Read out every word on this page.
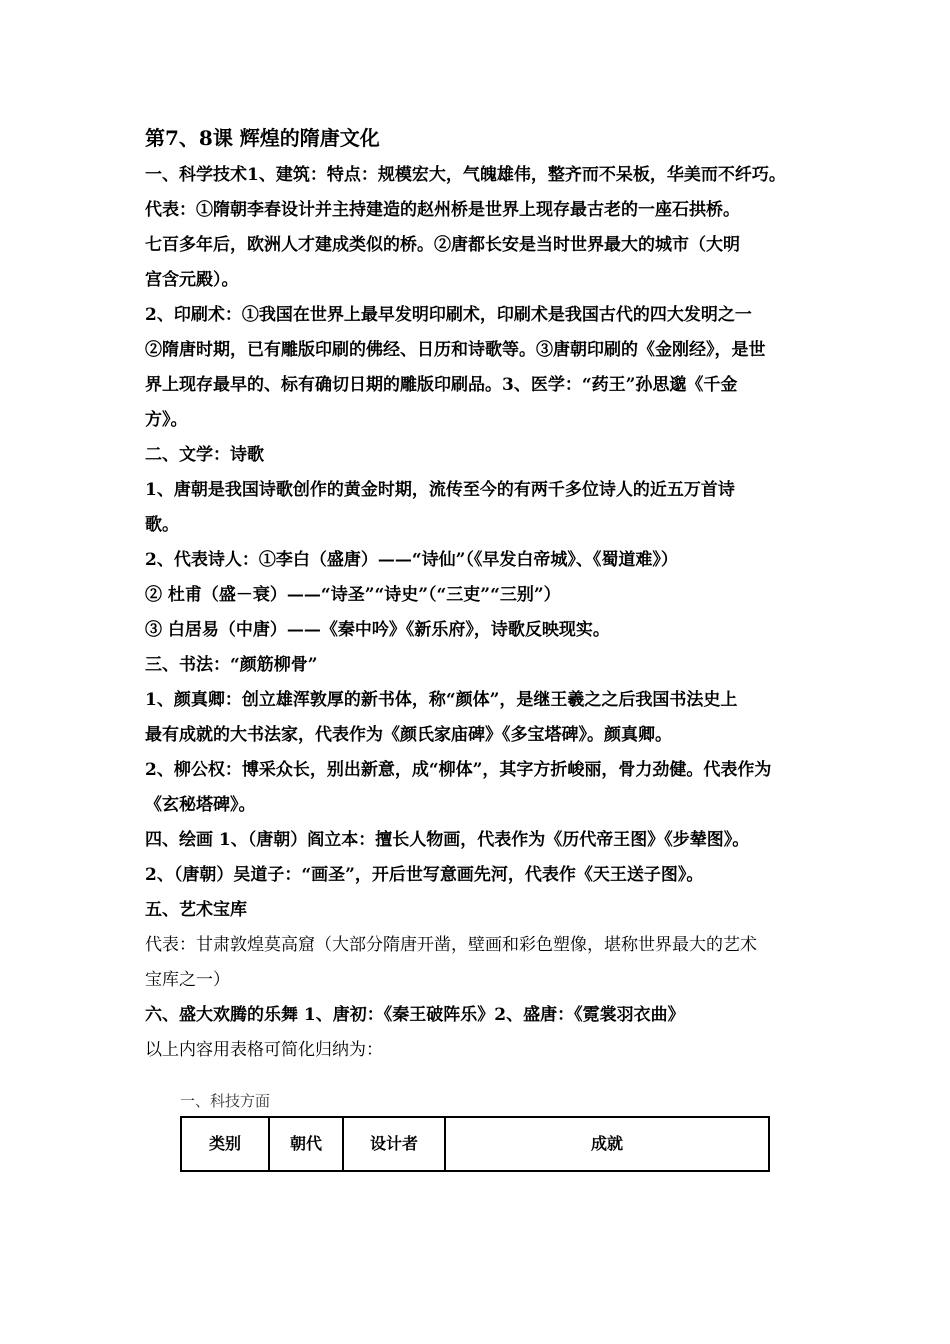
第7、8课 辉煌的隋唐文化
一、科学技术1、建筑：特点：规模宏大，气魄雄伟，整齐而不呆板，华美而不纤巧。
代表：①隋朝李春设计并主持建造的赵州桥是世界上现存最古老的一座石拱桥。
七百多年后，欧洲人才建成类似的桥。②唐都长安是当时世界最大的城市（大明
宫含元殿）。
2、印刷术：①我国在世界上最早发明印刷术，印刷术是我国古代的四大发明之一
②隋唐时期，已有雕版印刷的佛经、日历和诗歌等。③唐朝印刷的《金刚经》，是世
界上现存最早的、标有确切日期的雕版印刷品。3、医学：“药王”孙思邈《千金
方》。
二、文学：诗歌
1、唐朝是我国诗歌创作的黄金时期，流传至今的有两千多位诗人的近五万首诗
歌。
2、代表诗人：①李白（盛唐）——“诗仙”（《早发白帝城》、《蜀道难》）
② 杜甫（盛－衰）——“诗圣”“诗史”（“三吏”“三别”）
③ 白居易（中唐）——《秦中吟》《新乐府》，诗歌反映现实。
三、书法：“颜筋柳骨”
1、颜真卿：创立雄浑敦厚的新书体，称“颜体”，是继王羲之之后我国书法史上
最有成就的大书法家，代表作为《颜氏家庙碑》《多宝塔碑》。颜真卿。
2、柳公权：博采众长，别出新意，成“柳体”，其字方折峻丽，骨力劲健。代表作为
《玄秘塔碑》。
四、绘画 1、（唐朝）阎立本：擅长人物画，代表作为《历代帝王图》《步辇图》。
2、（唐朝）吴道子：“画圣”，开后世写意画先河，代表作《天王送子图》。
五、艺术宝库
代表：甘肃敦煌莫高窟（大部分隋唐开凿，壁画和彩色塑像，堪称世界最大的艺术
宝库之一）
六、盛大欢腾的乐舞 1、唐初：《秦王破阵乐》2、盛唐：《霓裳羽衣曲》
以上内容用表格可简化归纳为：
一、科技方面
类别	朝代	设计者	成就
